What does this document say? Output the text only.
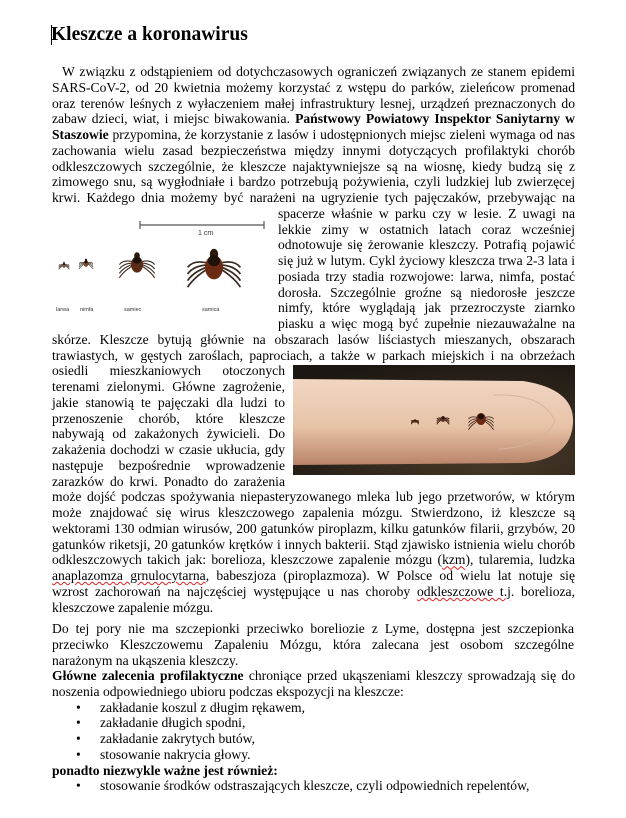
Kleszcze a koronawirus
W związku z odstąpieniem od dotychczasowych ograniczeń związanych ze stanem epidemi SARS-CoV-2, od 20 kwietnia możemy korzystać z wstępu do parków, zieleńcow promenad oraz terenów leśnych z wyłaczeniem małej infrastruktury lesnej, urządzeń preznaczonych do zabaw dzieci, wiat, i miejsc biwakowania. Państwowy Powiatowy Inspektor Saniytarny w Staszowie przypomina, że korzystanie z lasów i udostępnionych miejsc zieleni wymaga od nas zachowania wielu zasad bezpieczeństwa między innymi dotyczących profilaktyki chorób odkleszczowych szczególnie, że kleszcze najaktywniejsze są na wiosnę, kiedy budzą się z zimowego snu, są wygłodniałe i bardzo potrzebują pożywienia, czyli ludzkiej lub zwierzęcej krwi. Każdego dnia możemy być narażeni na ugryzienie tych pajęczaków, przebywając na spacerze właśnie w parku czy w lesie.
1 cm
larwa nimfa	samiec	samica
Z uwagi na lekkie zimy w ostatnich latach coraz wcześniej odnotowuje się żerowanie kleszczy. Potrafią pojawić się już w lutym. Cykl życiowy kleszcza trwa 2-3 lata i posiada trzy stadia rozwojowe: larwa, nimfa, postać dorosła. Szczególnie groźne są niedorosłe jeszcze nimfy, które wyglądają jak przezroczyste ziarnko piasku a więc mogą być zupełnie niezauważalne na skórze. Kleszcze bytują głównie na obszarach lasów liściastych mieszanych, obszarach trawiastych, w gęstych zaroślach, paprociach, a także w parkach miejskich i na
obrzeżach osiedli mieszkaniowych otoczonych terenami zielonymi. Główne zagrożenie, jakie stanowią te pajęczaki dla ludzi to przenoszenie chorób, które kleszcze nabywają od zakażonych żywicieli. Do zakażenia dochodzi w czasie ukłucia, gdy następuje bezpośrednie wprowadzenie zarazków do krwi. Ponadto do zarażenia może dojść podczas spożywania niepasteryzowanego mleka lub jego przetworów, w którym może znajdować się wirus kleszczowego zapalenia mózgu. Stwierdzono, iż kleszcze są wektorami 130 odmian wirusów, 200 gatunków piroplazm, kilku gatunków filarii, grzybów, 20 gatunków riketsji, 20 gatunków krętków i innych bakterii. Stąd zjawisko istnienia wielu chorób odkleszczowych takich jak: borelioza, kleszczowe zapalenie mózgu (kzm), tularemia, ludzka anaplazomza grnulocytarna, babeszjoza (piroplazmoza). W Polsce od wielu lat notuje się wzrost zachorowań na najczęściej występujące u nas choroby odkleszczowe t.j. borelioza, kleszczowe zapalenie mózgu.
Do tej pory nie ma szczepionki przeciwko boreliozie z Lyme, dostępna jest szczepionka przeciwko Kleszczowemu Zapaleniu Mózgu, która zalecana jest osobom szczególne narażonym na ukąszenia kleszczy.
Główne zalecenia profilaktyczne chroniące przed ukąszeniami kleszczy sprowadzają się do noszenia odpowiedniego ubioru podczas ekspozycji na kleszcze:
• zakładanie koszul z długim rękawem,
• zakładanie długich spodni,
• zakładanie zakrytych butów,
• stosowanie nakrycia głowy.
ponadto niezwykle ważne jest również:
• stosowanie środków odstraszających kleszcze, czyli odpowiednich repelentów,
